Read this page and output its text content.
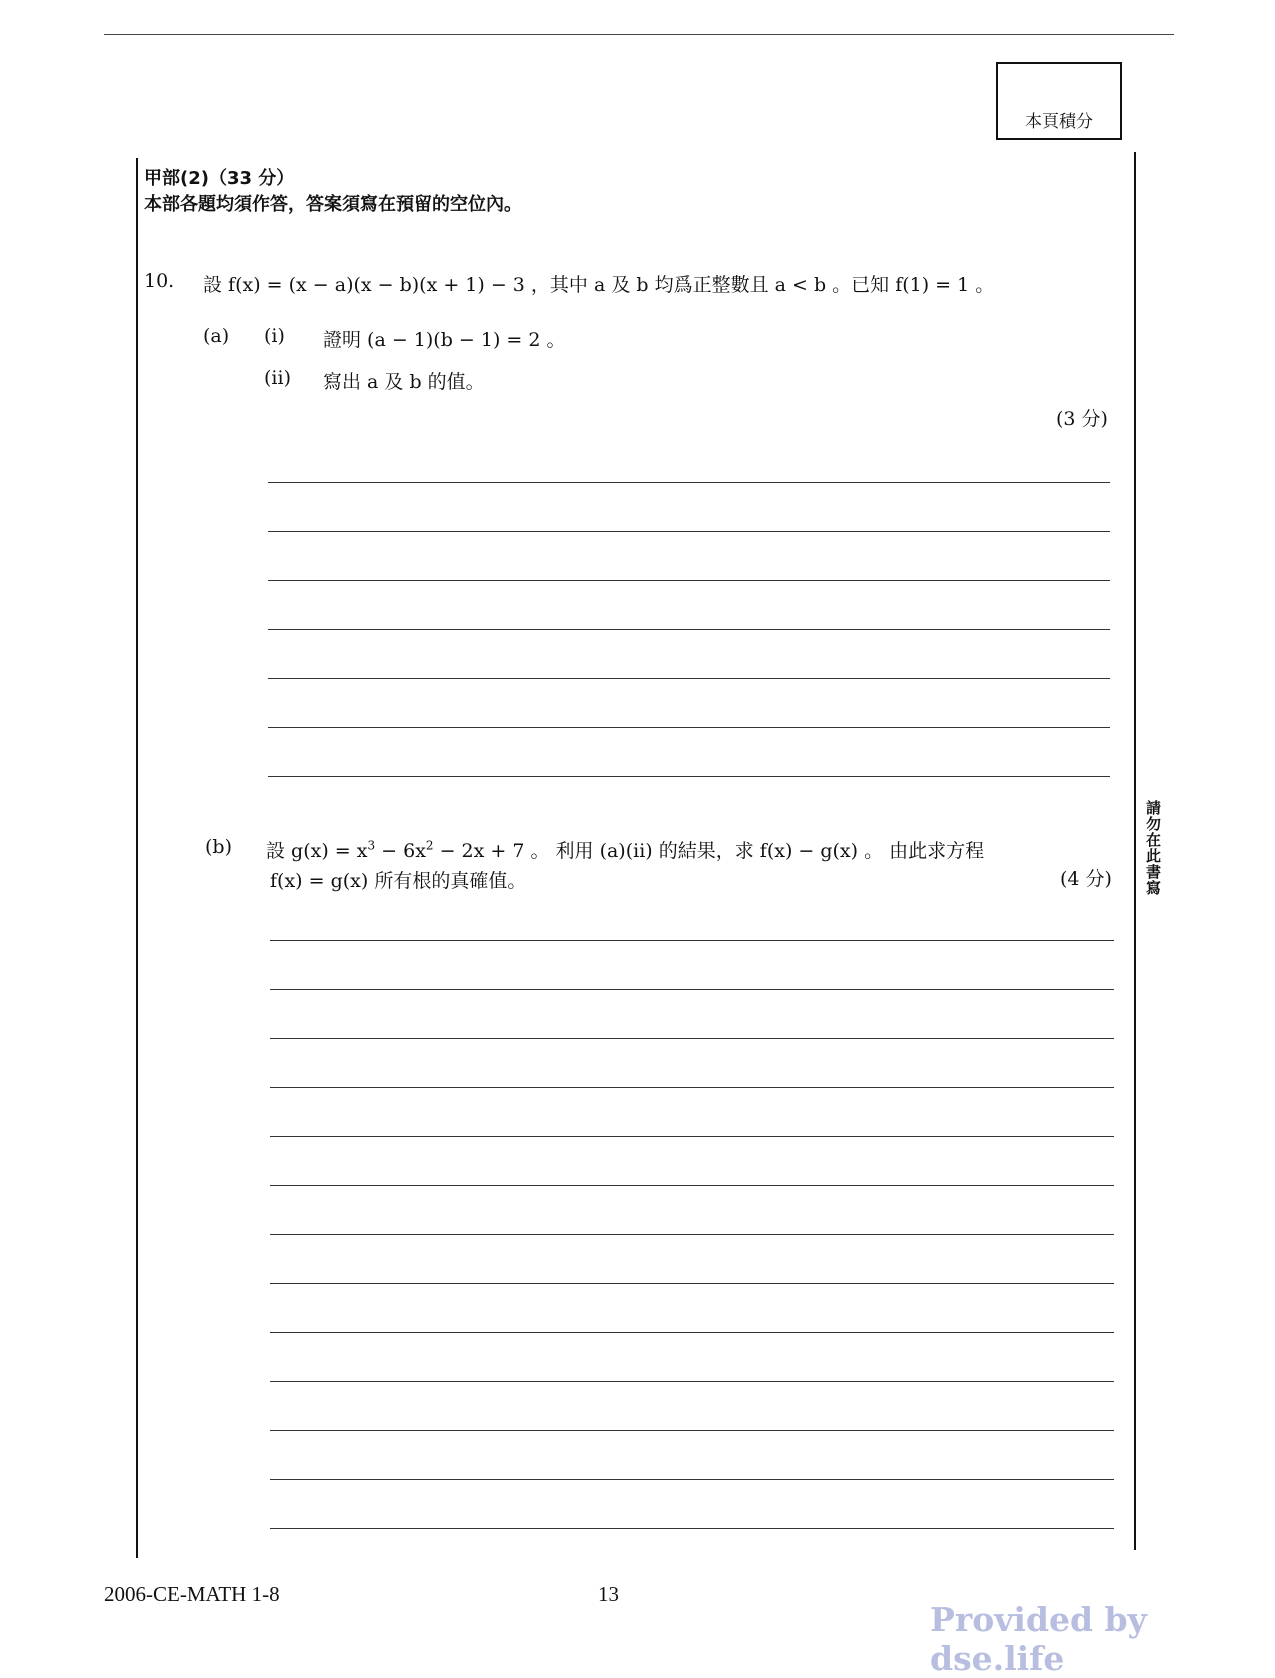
本頁積分
甲部(2)（33 分）
本部各題均須作答，答案須寫在預留的空位內。
10. 設 f(x) = (x − a)(x − b)(x + 1) − 3 ，其中 a 及 b 均爲正整數且 a < b 。已知 f(1) = 1 。
(a) (i) 證明 (a − 1)(b − 1) = 2 。
(ii) 寫出 a 及 b 的值。
(3 分)
(b) 設 $g(x) = x^3 - 6x^2 - 2x + 7$ 。 利用 (a)(ii) 的結果，求 f(x) − g(x) 。 由此求方程
f(x) = g(x) 所有根的真確值。	(4 分) 請勿在此書寫
2006-CE-MATH 1-8	13
Provided by dse.life
